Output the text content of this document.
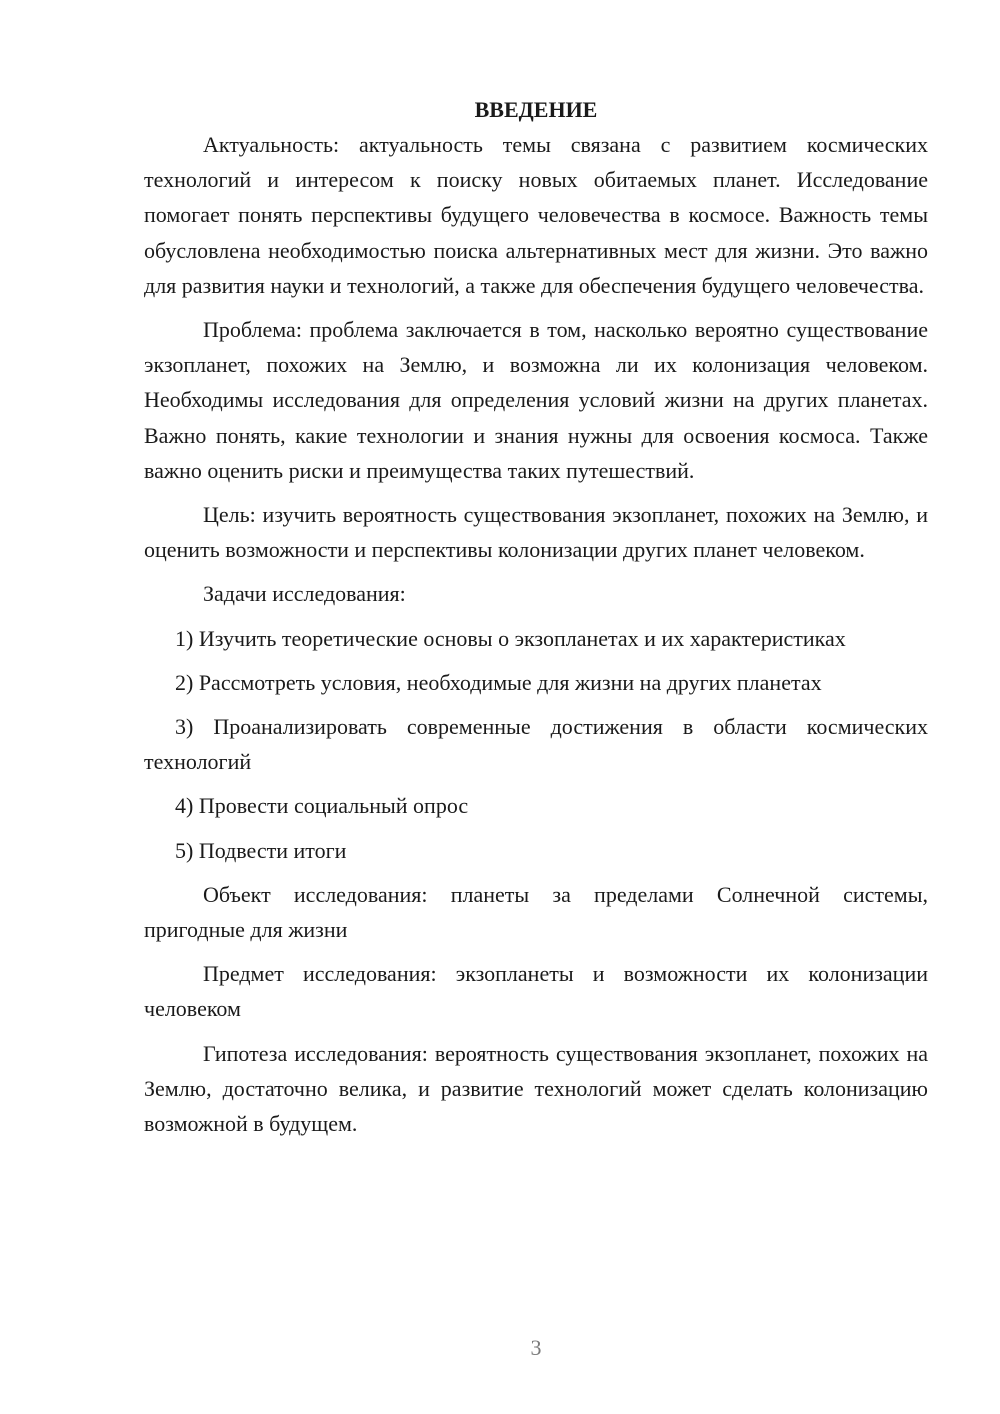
ВВЕДЕНИЕ

Актуальность: актуальность темы связана с развитием космических технологий и интересом к поиску новых обитаемых планет. Исследование помогает понять перспективы будущего человечества в космосе. Важность темы обусловлена необходимостью поиска альтернативных мест для жизни. Это важно для развития науки и технологий, а также для обеспечения будущего человечества.

Проблема: проблема заключается в том, насколько вероятно существование экзопланет, похожих на Землю, и возможна ли их колонизация человеком. Необходимы исследования для определения условий жизни на других планетах. Важно понять, какие технологии и знания нужны для освоения космоса. Также важно оценить риски и преимущества таких путешествий.

Цель: изучить вероятность существования экзопланет, похожих на Землю, и оценить возможности и перспективы колонизации других планет человеком.

Задачи исследования:

1) Изучить теоретические основы о экзопланетах и их характеристиках

2) Рассмотреть условия, необходимые для жизни на других планетах

3) Проанализировать современные достижения в области космических технологий

4) Провести социальный опрос

5) Подвести итоги

Объект исследования: планеты за пределами Солнечной системы, пригодные для жизни

Предмет исследования: экзопланеты и возможности их колонизации человеком

Гипотеза исследования: вероятность существования экзопланет, похожих на Землю, достаточно велика, и развитие технологий может сделать колонизацию возможной в будущем.

3
